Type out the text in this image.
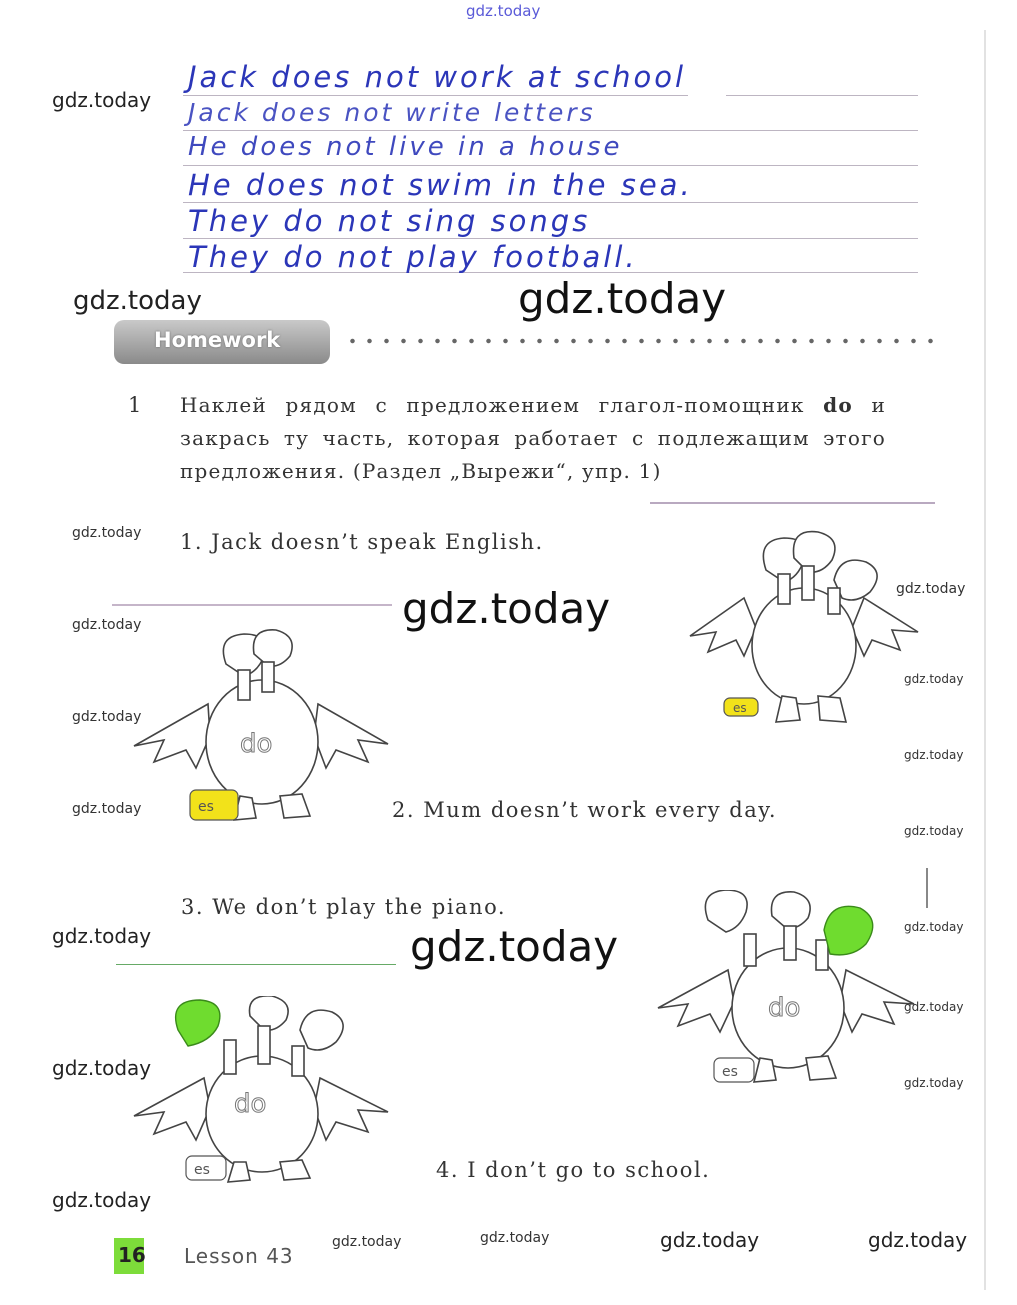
gdz.today
Jack does not work at school
Jack does not write letters
He does not live in a house
He does not swim in the sea.
They do not sing songs
They do not play football.
gdz.today
gdz.today	gdz.today
gdz.today
gdz.today
gdz.today
gdz.today
gdz.today
gdz.today	gdz.today
gdz.today
gdz.today
gdz.today
gdz.today
gdz.today
gdz.today
gdz.today
gdz.today
gdz.today
gdz.today
gdz.today
gdz.today	gdz.today
Homework
1 Наклей рядом с предложением глагол-помощник do и закрась ту часть, которая работает с подлежащим этого предложения. (Раздел „Вырежи“, упр. 1)
1. Jack doesn’t speak English.
2. Mum doesn’t work every day.
3. We don’t play the piano.
4. I don’t go to school.
es
do
es
do
es
do
es
16 Lesson 43
